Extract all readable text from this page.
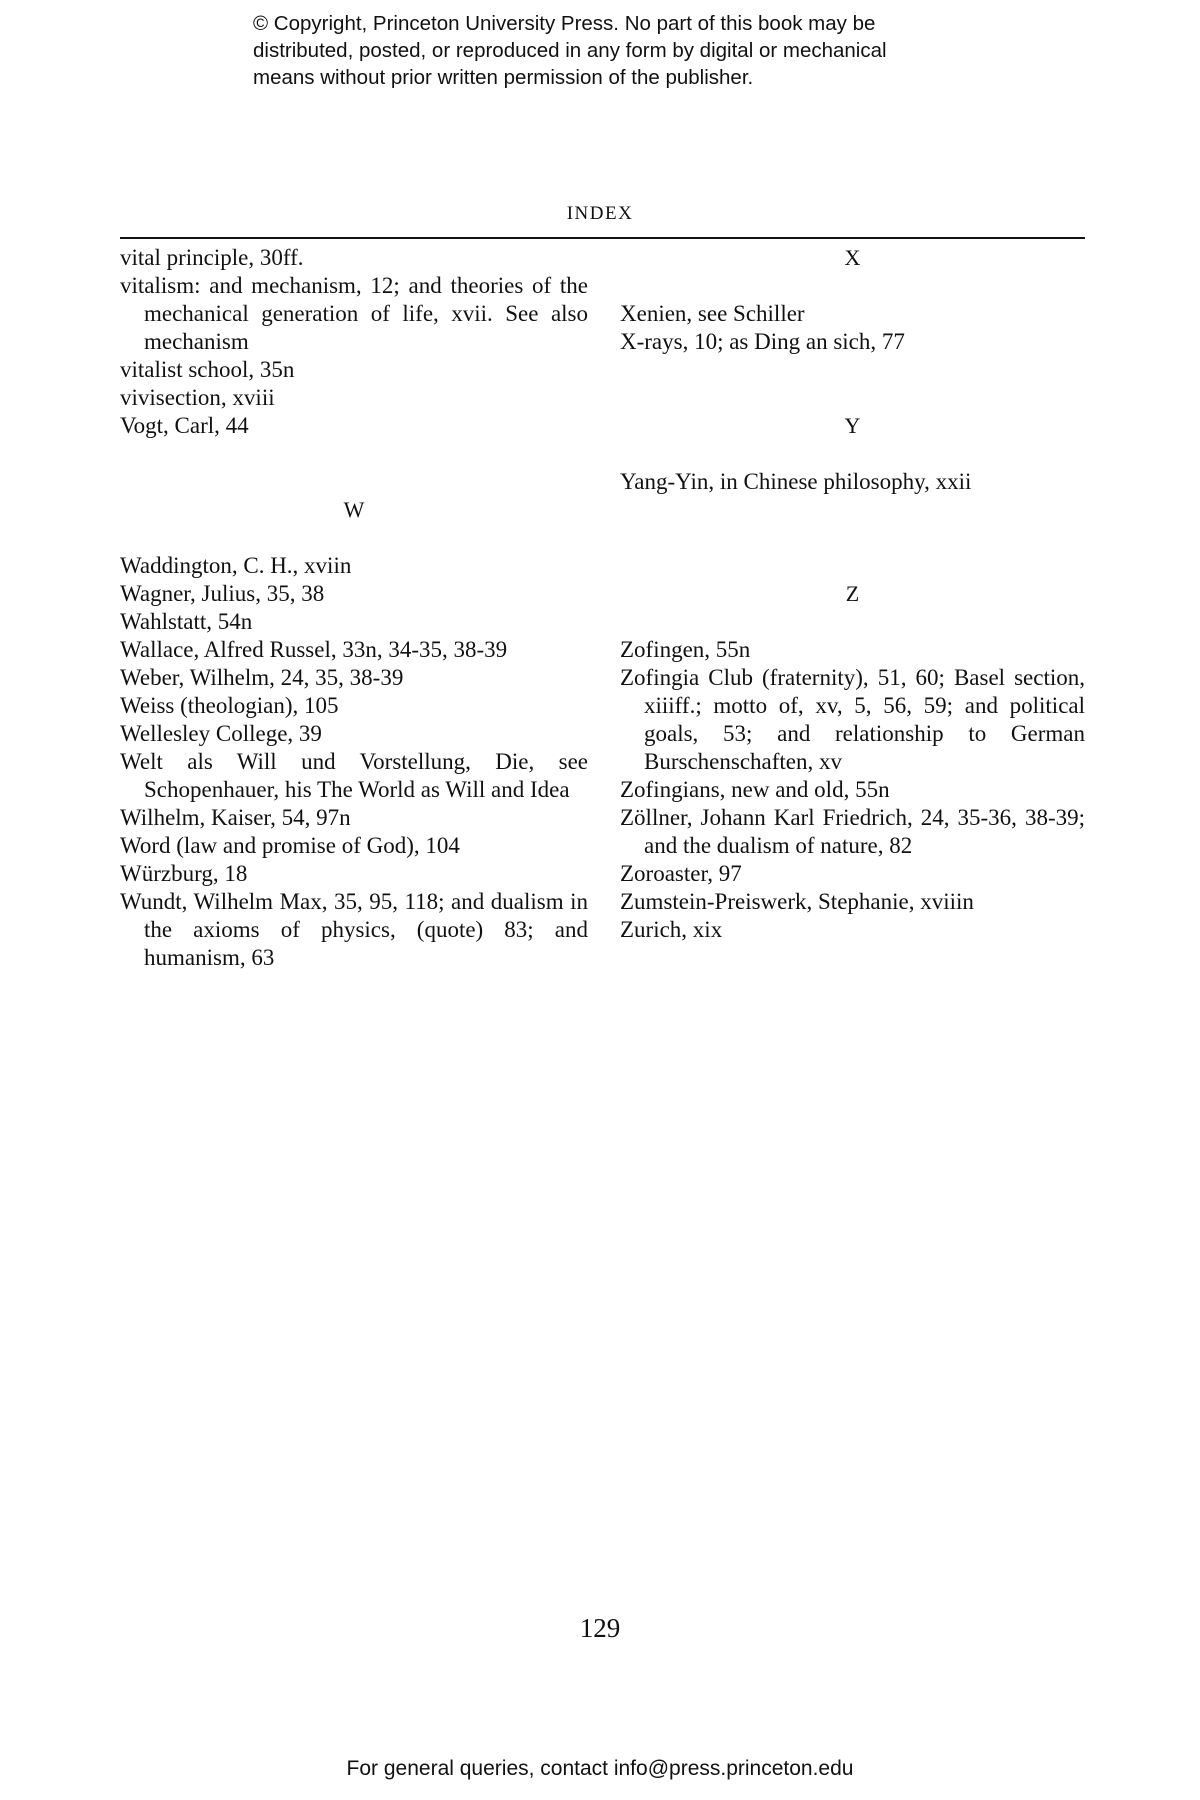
© Copyright, Princeton University Press. No part of this book may be
distributed, posted, or reproduced in any form by digital or mechanical
means without prior written permission of the publisher.
INDEX
vital principle, 30ff.
vitalism: and mechanism, 12; and theories of the mechanical generation of life, xvii. See also mechanism
vitalist school, 35n
vivisection, xviii
Vogt, Carl, 44
W
Waddington, C. H., xviin
Wagner, Julius, 35, 38
Wahlstatt, 54n
Wallace, Alfred Russel, 33n, 34-35, 38-39
Weber, Wilhelm, 24, 35, 38-39
Weiss (theologian), 105
Wellesley College, 39
Welt als Will und Vorstellung, Die, see Schopenhauer, his The World as Will and Idea
Wilhelm, Kaiser, 54, 97n
Word (law and promise of God), 104
Würzburg, 18
Wundt, Wilhelm Max, 35, 95, 118; and dualism in the axioms of physics, (quote) 83; and humanism, 63
X
Xenien, see Schiller
X-rays, 10; as Ding an sich, 77
Y
Yang-Yin, in Chinese philosophy, xxii
Z
Zofingen, 55n
Zofingia Club (fraternity), 51, 60; Basel section, xiiiff.; motto of, xv, 5, 56, 59; and political goals, 53; and relationship to German Burschenschaften, xv
Zofingians, new and old, 55n
Zöllner, Johann Karl Friedrich, 24, 35-36, 38-39; and the dualism of nature, 82
Zoroaster, 97
Zumstein-Preiswerk, Stephanie, xviiin
Zurich, xix
129
For general queries, contact info@press.princeton.edu
